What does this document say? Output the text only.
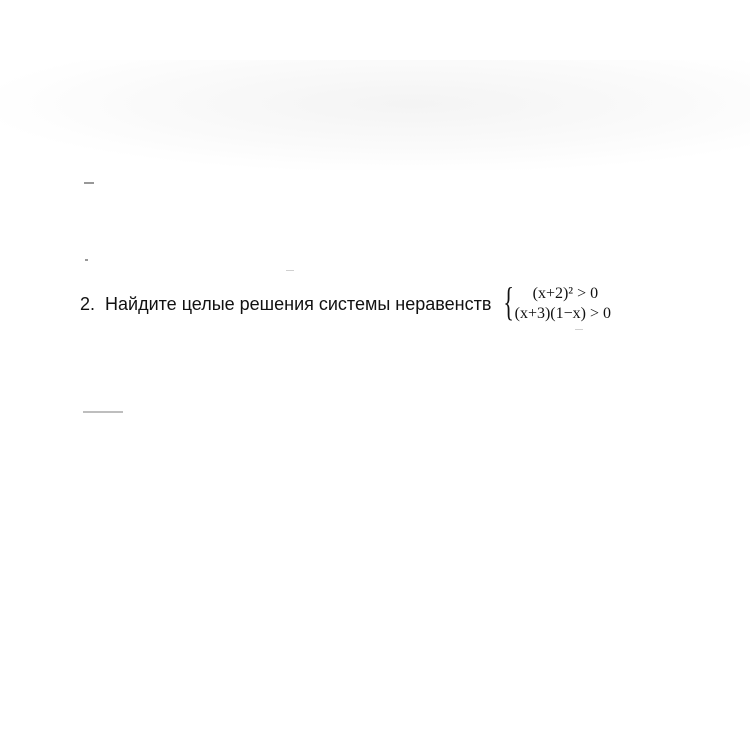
2. Найдите целые решения системы неравенств {	(x+2)² > 0
(x+3)(1−x) > 0
